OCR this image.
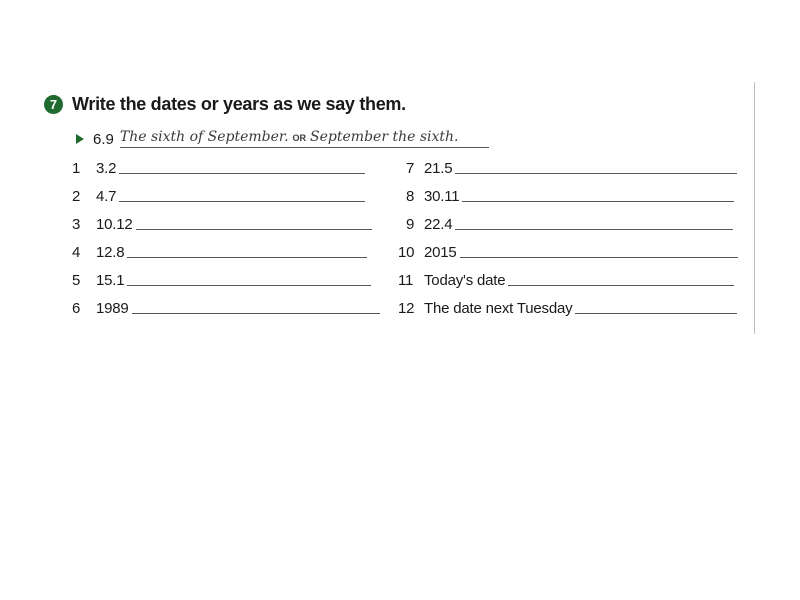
7 Write the dates or years as we say them.
6.9 The sixth of September. OR September the sixth.
1	3.2
2	4.7
3	10.12
4	12.8
5	15.1
6	1989
7 21.5
8 30.11
9 22.4
10 2015
11 Today's date
12 The date next Tuesday
